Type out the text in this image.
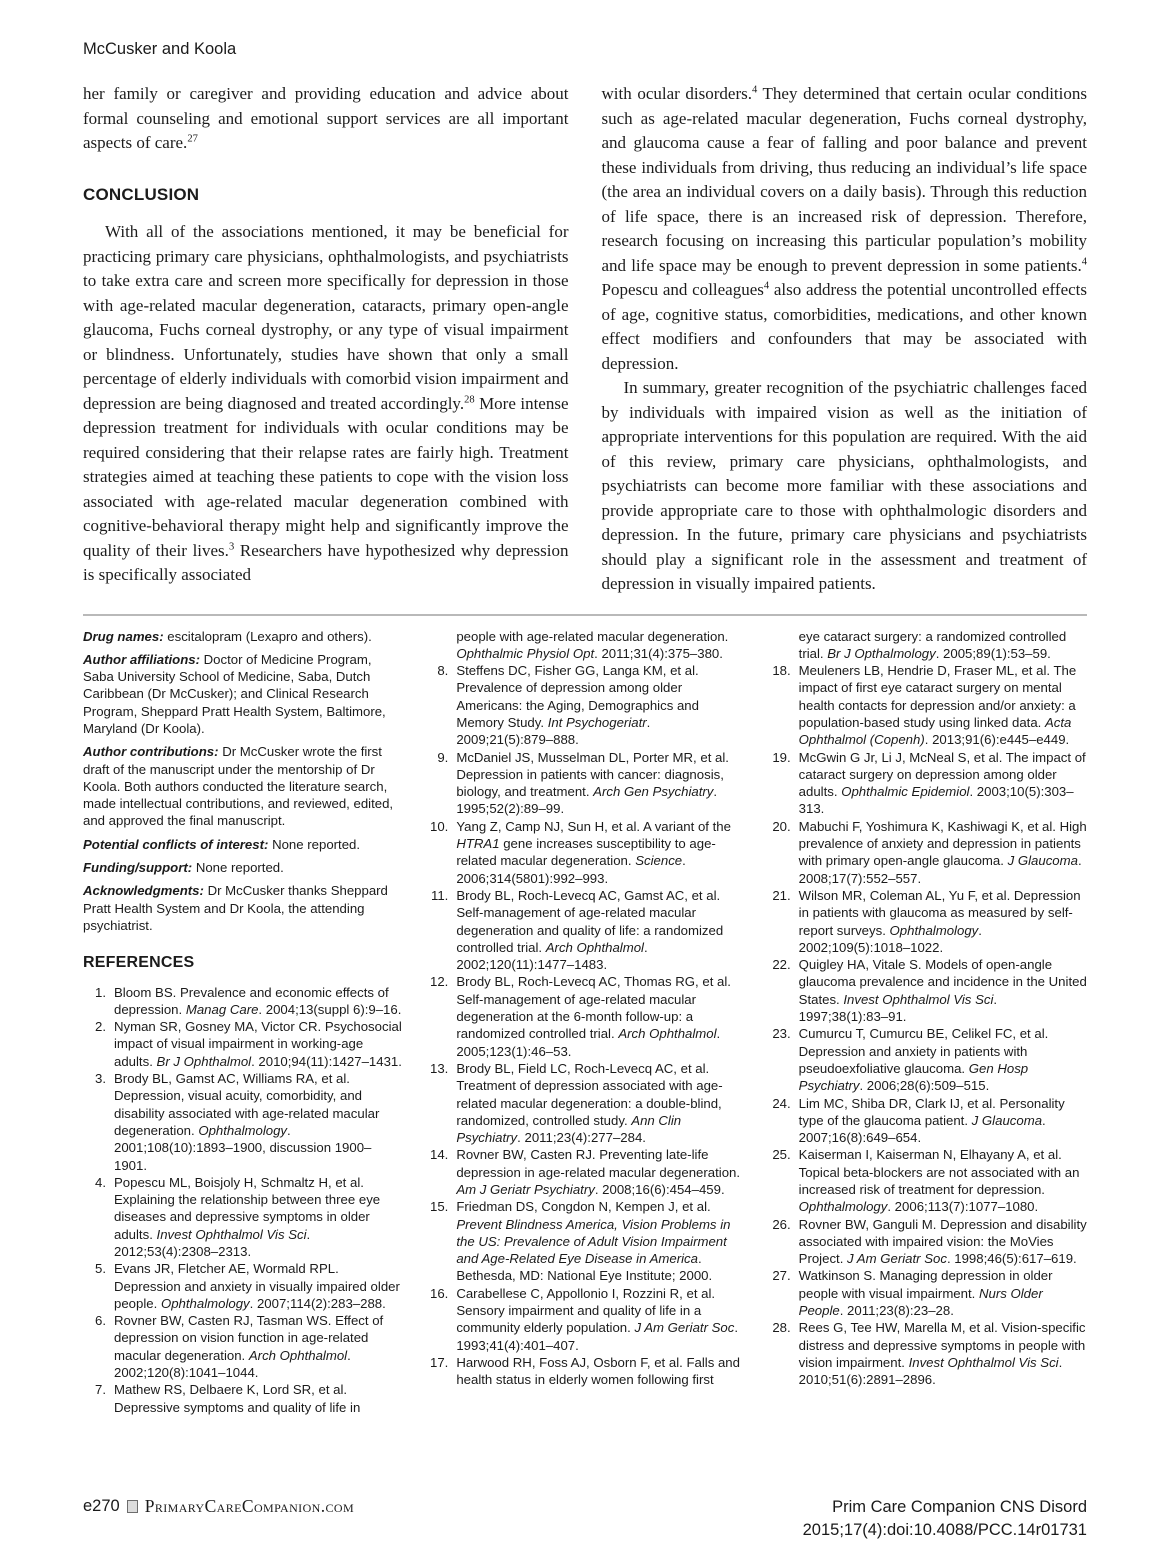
McCusker and Koola

her family or caregiver and providing education and advice about formal counseling and emotional support services are all important aspects of care.$^{27}$

CONCLUSION

With all of the associations mentioned, it may be beneficial for practicing primary care physicians, ophthalmologists, and psychiatrists to take extra care and screen more specifically for depression in those with age-related macular degeneration, cataracts, primary open-angle glaucoma, Fuchs corneal dystrophy, or any type of visual impairment or blindness. Unfortunately, studies have shown that only a small percentage of elderly individuals with comorbid vision impairment and depression are being diagnosed and treated accordingly.$^{28}$ More intense depression treatment for individuals with ocular conditions may be required considering that their relapse rates are fairly high. Treatment strategies aimed at teaching these patients to cope with the vision loss associated with age-related macular degeneration combined with cognitive-behavioral therapy might help and significantly improve the quality of their lives.$^3$ Researchers have hypothesized why depression is specifically associated

with ocular disorders.$^4$ They determined that certain ocular conditions such as age-related macular degeneration, Fuchs corneal dystrophy, and glaucoma cause a fear of falling and poor balance and prevent these individuals from driving, thus reducing an individual’s life space (the area an individual covers on a daily basis). Through this reduction of life space, there is an increased risk of depression. Therefore, research focusing on increasing this particular population’s mobility and life space may be enough to prevent depression in some patients.$^4$ Popescu and colleagues$^4$ also address the potential uncontrolled effects of age, cognitive status, comorbidities, medications, and other known effect modifiers and confounders that may be associated with depression.

In summary, greater recognition of the psychiatric challenges faced by individuals with impaired vision as well as the initiation of appropriate interventions for this population are required. With the aid of this review, primary care physicians, ophthalmologists, and psychiatrists can become more familiar with these associations and provide appropriate care to those with ophthalmologic disorders and depression. In the future, primary care physicians and psychiatrists should play a significant role in the assessment and treatment of depression in visually impaired patients.

Drug names: escitalopram (Lexapro and others).

Author affiliations: Doctor of Medicine Program, Saba University School of Medicine, Saba, Dutch Caribbean (Dr McCusker); and Clinical Research Program, Sheppard Pratt Health System, Baltimore, Maryland (Dr Koola).

Author contributions: Dr McCusker wrote the first draft of the manuscript under the mentorship of Dr Koola. Both authors conducted the literature search, made intellectual contributions, and reviewed, edited, and approved the final manuscript.

Potential conflicts of interest: None reported.

Funding/support: None reported.

Acknowledgments: Dr McCusker thanks Sheppard Pratt Health System and Dr Koola, the attending psychiatrist.

REFERENCES
1. Bloom BS. Prevalence and economic effects of depression. Manag Care. 2004;13(suppl 6):9–16.
2. Nyman SR, Gosney MA, Victor CR. Psychosocial impact of visual impairment in working-age adults. Br J Ophthalmol. 2010;94(11):1427–1431.
3. Brody BL, Gamst AC, Williams RA, et al. Depression, visual acuity, comorbidity, and disability associated with age-related macular degeneration. Ophthalmology. 2001;108(10):1893–1900, discussion 1900–1901.
4. Popescu ML, Boisjoly H, Schmaltz H, et al. Explaining the relationship between three eye diseases and depressive symptoms in older adults. Invest Ophthalmol Vis Sci. 2012;53(4):2308–2313.
5. Evans JR, Fletcher AE, Wormald RPL. Depression and anxiety in visually impaired older people. Ophthalmology. 2007;114(2):283–288.
6. Rovner BW, Casten RJ, Tasman WS. Effect of depression on vision function in age-related macular degeneration. Arch Ophthalmol. 2002;120(8):1041–1044.
7. Mathew RS, Delbaere K, Lord SR, et al. Depressive symptoms and quality of life in
people with age-related macular degeneration. Ophthalmic Physiol Opt. 2011;31(4):375–380.
8. Steffens DC, Fisher GG, Langa KM, et al. Prevalence of depression among older Americans: the Aging, Demographics and Memory Study. Int Psychogeriatr. 2009;21(5):879–888.
9. McDaniel JS, Musselman DL, Porter MR, et al. Depression in patients with cancer: diagnosis, biology, and treatment. Arch Gen Psychiatry. 1995;52(2):89–99.
10. Yang Z, Camp NJ, Sun H, et al. A variant of the HTRA1 gene increases susceptibility to age-related macular degeneration. Science. 2006;314(5801):992–993.
11. Brody BL, Roch-Levecq AC, Gamst AC, et al. Self-management of age-related macular degeneration and quality of life: a randomized controlled trial. Arch Ophthalmol. 2002;120(11):1477–1483.
12. Brody BL, Roch-Levecq AC, Thomas RG, et al. Self-management of age-related macular degeneration at the 6-month follow-up: a randomized controlled trial. Arch Ophthalmol. 2005;123(1):46–53.
13. Brody BL, Field LC, Roch-Levecq AC, et al. Treatment of depression associated with age-related macular degeneration: a double-blind, randomized, controlled study. Ann Clin Psychiatry. 2011;23(4):277–284.
14. Rovner BW, Casten RJ. Preventing late-life depression in age-related macular degeneration. Am J Geriatr Psychiatry. 2008;16(6):454–459.
15. Friedman DS, Congdon N, Kempen J, et al. Prevent Blindness America, Vision Problems in the US: Prevalence of Adult Vision Impairment and Age-Related Eye Disease in America. Bethesda, MD: National Eye Institute; 2000.
16. Carabellese C, Appollonio I, Rozzini R, et al. Sensory impairment and quality of life in a community elderly population. J Am Geriatr Soc. 1993;41(4):401–407.
17. Harwood RH, Foss AJ, Osborn F, et al. Falls and health status in elderly women following first
eye cataract surgery: a randomized controlled trial. Br J Opthalmology. 2005;89(1):53–59.
18. Meuleners LB, Hendrie D, Fraser ML, et al. The impact of first eye cataract surgery on mental health contacts for depression and/or anxiety: a population-based study using linked data. Acta Ophthalmol (Copenh). 2013;91(6):e445–e449.
19. McGwin G Jr, Li J, McNeal S, et al. The impact of cataract surgery on depression among older adults. Ophthalmic Epidemiol. 2003;10(5):303–313.
20. Mabuchi F, Yoshimura K, Kashiwagi K, et al. High prevalence of anxiety and depression in patients with primary open-angle glaucoma. J Glaucoma. 2008;17(7):552–557.
21. Wilson MR, Coleman AL, Yu F, et al. Depression in patients with glaucoma as measured by self-report surveys. Ophthalmology. 2002;109(5):1018–1022.
22. Quigley HA, Vitale S. Models of open-angle glaucoma prevalence and incidence in the United States. Invest Ophthalmol Vis Sci. 1997;38(1):83–91.
23. Cumurcu T, Cumurcu BE, Celikel FC, et al. Depression and anxiety in patients with pseudoexfoliative glaucoma. Gen Hosp Psychiatry. 2006;28(6):509–515.
24. Lim MC, Shiba DR, Clark IJ, et al. Personality type of the glaucoma patient. J Glaucoma. 2007;16(8):649–654.
25. Kaiserman I, Kaiserman N, Elhayany A, et al. Topical beta-blockers are not associated with an increased risk of treatment for depression. Ophthalmology. 2006;113(7):1077–1080.
26. Rovner BW, Ganguli M. Depression and disability associated with impaired vision: the MoVies Project. J Am Geriatr Soc. 1998;46(5):617–619.
27. Watkinson S. Managing depression in older people with visual impairment. Nurs Older People. 2011;23(8):23–28.
28. Rees G, Tee HW, Marella M, et al. Vision-specific distress and depressive symptoms in people with vision impairment. Invest Ophthalmol Vis Sci. 2010;51(6):2891–2896.
e270 PrimaryCareCompanion.com	Prim Care Companion CNS Disord
2015;17(4):doi:10.4088/PCC.14r01731
